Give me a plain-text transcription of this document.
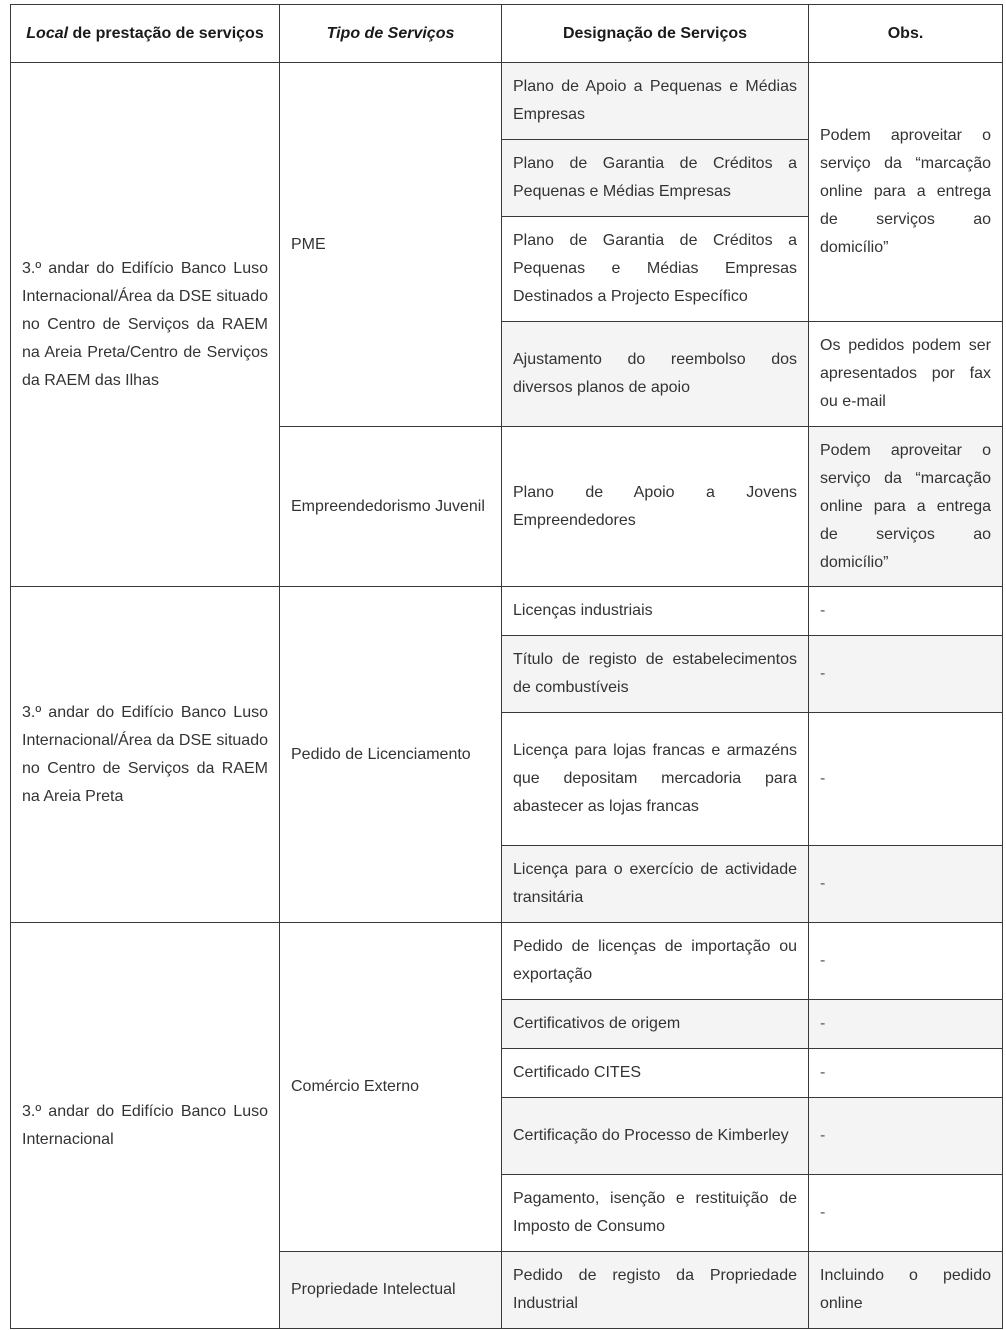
Local de prestação de serviços	Tipo de Serviços	Designação de Serviços	Obs.
3.º andar do Edifício Banco Luso Internacional/Área da DSE situado no Centro de Serviços da RAEM na Areia Preta/Centro de Serviços da RAEM das Ilhas	PME	Plano de Apoio a Pequenas e Médias Empresas	Podem aproveitar o serviço da “marcação online para a entrega de serviços ao domicílio”
		Plano de Garantia de Créditos a Pequenas e Médias Empresas	
		Plano de Garantia de Créditos a Pequenas e Médias Empresas Destinados a Projecto Específico	
		Ajustamento do reembolso dos diversos planos de apoio	Os pedidos podem ser apresentados por fax ou e-mail
	Empreendedorismo Juvenil	Plano de Apoio a Jovens Empreendedores	Podem aproveitar o serviço da “marcação online para a entrega de serviços ao domicílio”
3.º andar do Edifício Banco Luso Internacional/Área da DSE situado no Centro de Serviços da RAEM na Areia Preta	Pedido de Licenciamento	Licenças industriais	-
		Título de registo de estabelecimentos de combustíveis	-
		Licença para lojas francas e armazéns que depositam mercadoria para abastecer as lojas francas	-
		Licença para o exercício de actividade transitária	-
3.º andar do Edifício Banco Luso Internacional	Comércio Externo	Pedido de licenças de importação ou exportação	-
		Certificativos de origem	-
		Certificado CITES	-
		Certificação do Processo de Kimberley	-
		Pagamento, isenção e restituição de Imposto de Consumo	-
	Propriedade Intelectual	Pedido de registo da Propriedade Industrial	Incluindo o pedido online
